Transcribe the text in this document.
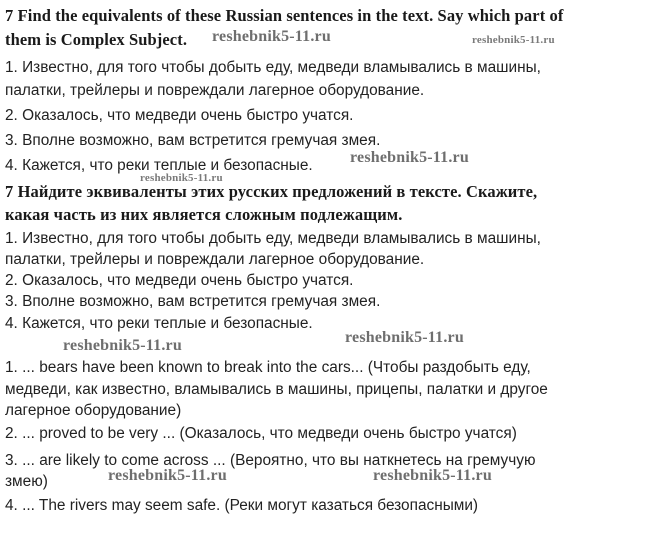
7 Find the equivalents of these Russian sentences in the text. Say which part of
them is Complex Subject.
1. Известно, для того чтобы добыть еду, медведи вламывались в машины,
палатки, трейлеры и повреждали лагерное оборудование.
2. Оказалось, что медведи очень быстро учатся.
3. Вполне возможно, вам встретится гремучая змея.
4. Кажется, что реки теплые и безопасные.
7 Найдите эквиваленты этих русских предложений в тексте. Скажите,
какая часть из них является сложным подлежащим.
1. Известно, для того чтобы добыть еду, медведи вламывались в машины,
палатки, трейлеры и повреждали лагерное оборудование.
2. Оказалось, что медведи очень быстро учатся.
3. Вполне возможно, вам встретится гремучая змея.
4. Кажется, что реки теплые и безопасные.
1. ... bears have been known to break into the cars... (Чтобы раздобыть еду,
медведи, как известно, вламывались в машины, прицепы, палатки и другое
лагерное оборудование)
2. ... proved to be very ... (Оказалось, что медведи очень быстро учатся)
3. ... are likely to come across ... (Вероятно, что вы наткнетесь на гремучую
змею)
4. ... The rivers may seem safe. (Реки могут казаться безопасными)
reshebnik5-11.ru	reshebnik5-11.ru
reshebnik5-11.ru
reshebnik5-11.ru
reshebnik5-11.ru
reshebnik5-11.ru
reshebnik5-11.ru	reshebnik5-11.ru
